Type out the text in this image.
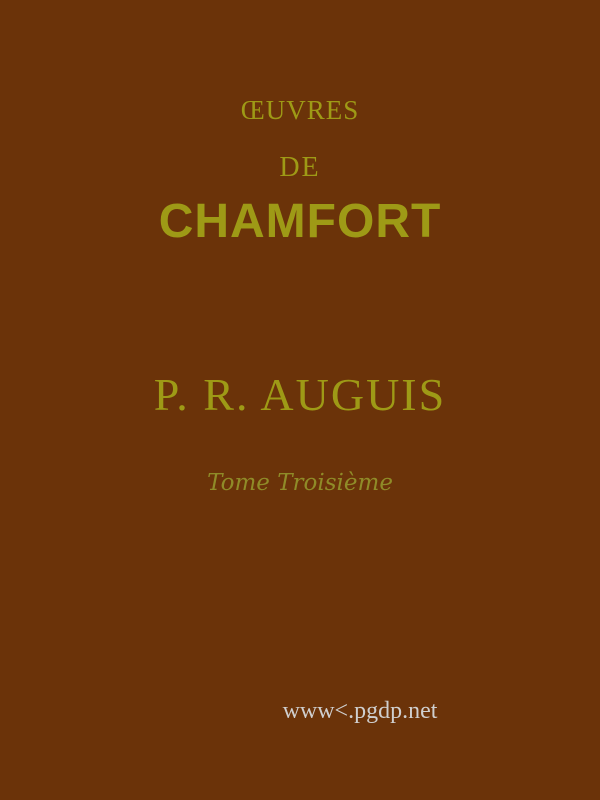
œuvres
DE
CHAMFORT
P. R. AUGUIS
Tome Troisième
www<.pgdp.net
